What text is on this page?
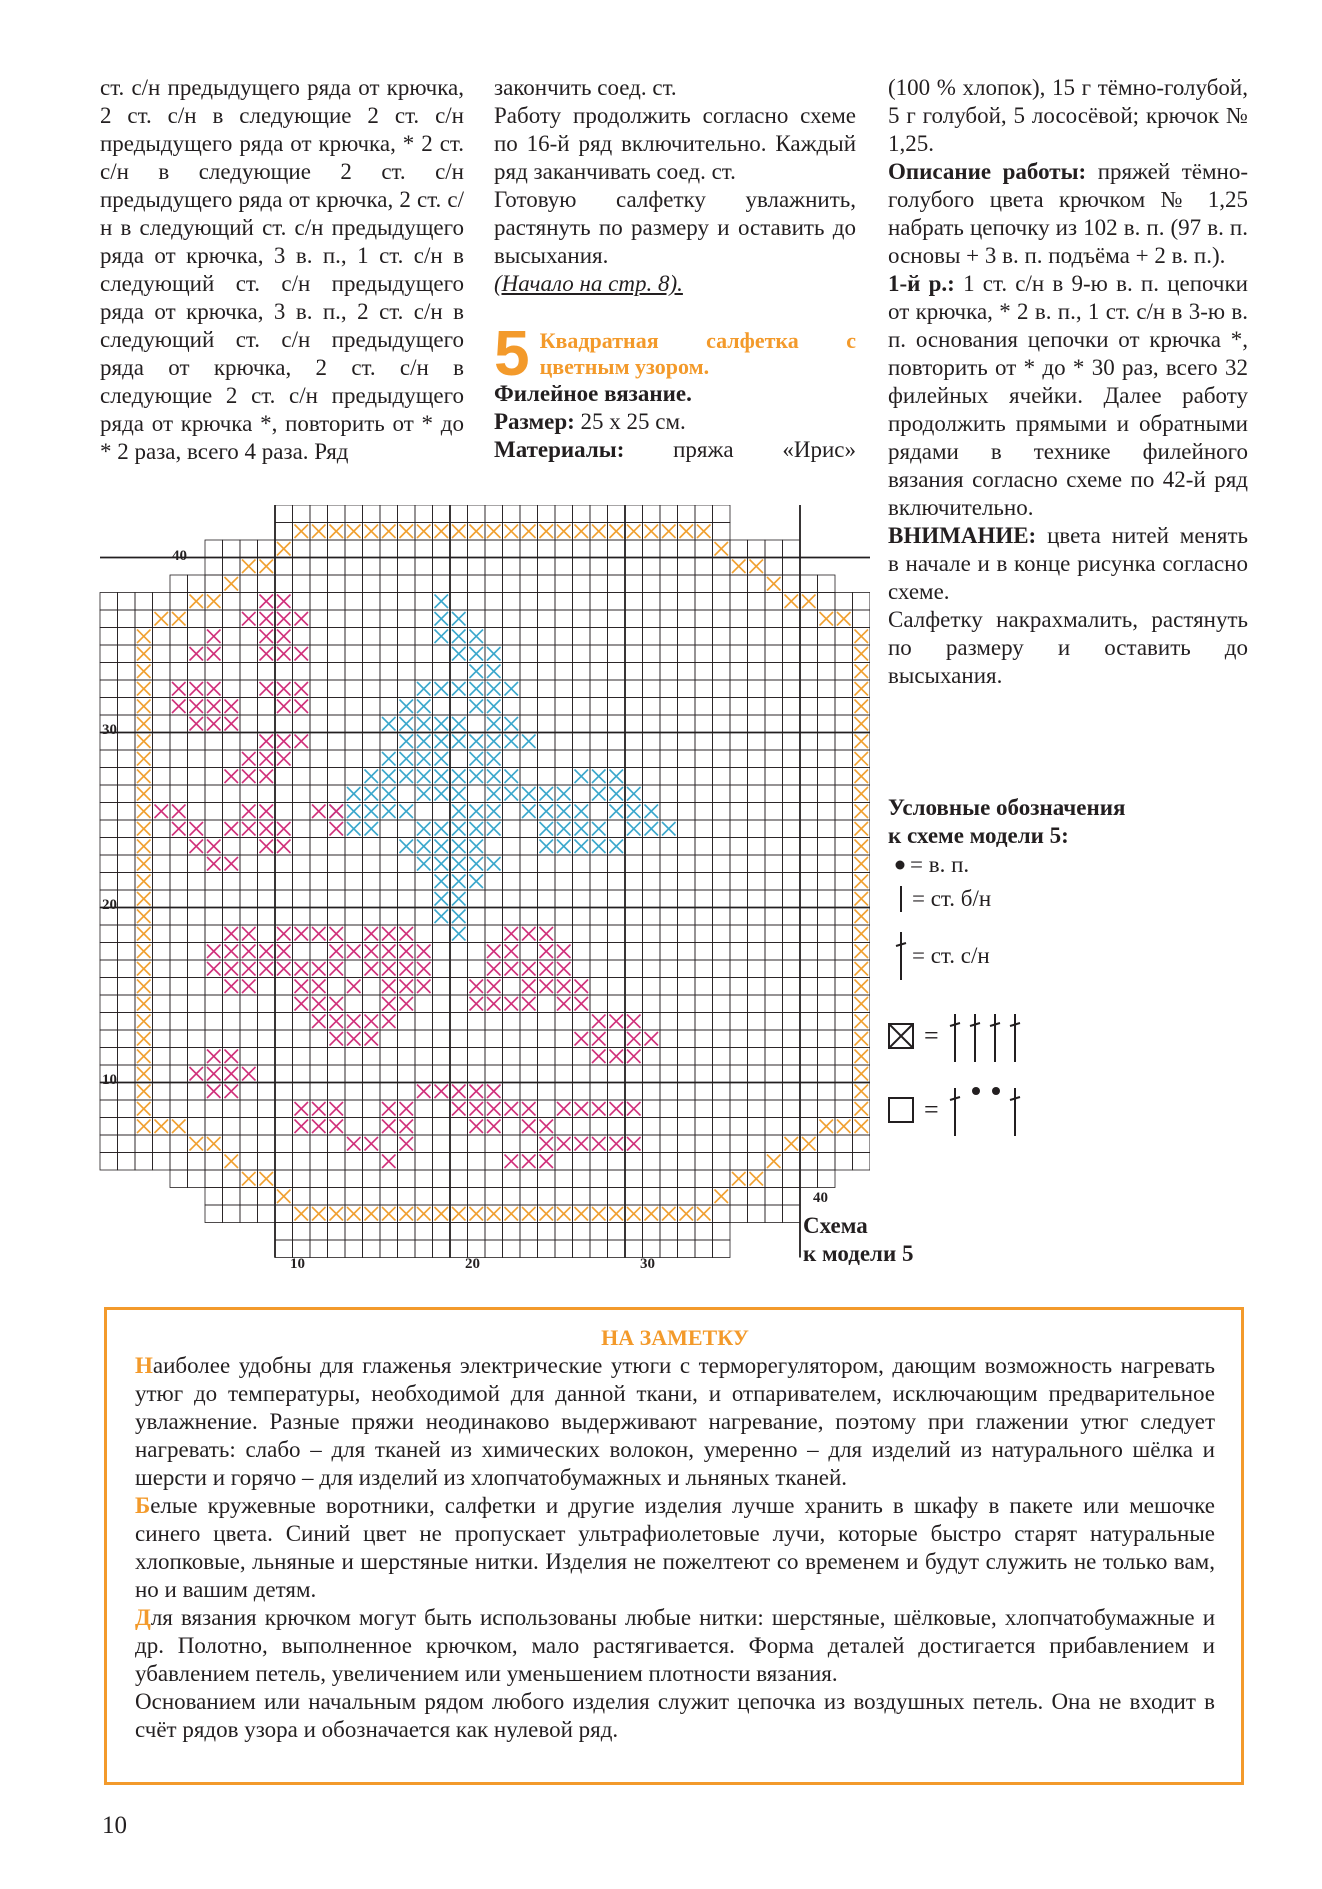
ст. с/н предыдущего ряда от крючка, 2 ст. с/н в следующие 2 ст. с/н предыдущего ряда от крючка, * 2 ст. с/н в следующие 2 ст. с/н предыдущего ряда от крючка, 2 ст. с/н в следующий ст. с/н предыдущего ряда от крючка, 3 в. п., 1 ст. с/н в следующий ст. с/н предыдущего ряда от крючка, 3 в. п., 2 ст. с/н в следующий ст. с/н предыдущего ряда от крючка, 2 ст. с/н в следующие 2 ст. с/н предыдущего ряда от крючка *, повторить от * до * 2 раза, всего 4 раза. Ряд

закончить соед. ст.

Работу продолжить согласно схеме по 16-й ряд включительно. Каждый ряд заканчивать соед. ст.

Готовую салфетку увлажнить, растянуть по размеру и оставить до высыхания.

(Начало на стр. 8).

5 Квадратная салфетка с цветным узором.

Филейное вязание.

Размер: 25 х 25 см.

Материалы: пряжа «Ирис»

(100 % хлопок), 15 г тёмно-голубой, 5 г голубой, 5 лососёвой; крючок № 1,25.

Описание работы: пряжей тёмно-голубого цвета крючком № 1,25 набрать цепочку из 102 в. п. (97 в. п. основы + 3 в. п. подъёма + 2 в. п.).

1-й р.: 1 ст. с/н в 9-ю в. п. цепочки от крючка, * 2 в. п., 1 ст. с/н в 3-ю в. п. основания цепочки от крючка *, повторить от * до * 30 раз, всего 32 филейных ячейки. Далее работу продолжить прямыми и обратными рядами в технике филейного вязания согласно схеме по 42-й ряд включительно.

ВНИМАНИЕ: цвета нитей менять в начале и в конце рисунка согласно схеме.

Салфетку накрахмалить, растянуть по размеру и оставить до высыхания.

Условные обозначения
к схеме модели 5:
= в. п.
= ст. б/н
= ст. с/н
=
=
40
30
20
10
10	20	30
40
Схема
к модели 5
НА ЗАМЕТКУ

Наиболее удобны для глаженья электрические утюги с терморегулятором, дающим возможность нагревать утюг до температуры, необходимой для данной ткани, и отпаривателем, исключающим предварительное увлажнение. Разные пряжи неодинаково выдерживают нагревание, поэтому при глажении утюг следует нагревать: слабо – для тканей из химических волокон, умеренно – для изделий из натурального шёлка и шерсти и горячо – для изделий из хлопчатобумажных и льняных тканей.

Белые кружевные воротники, салфетки и другие изделия лучше хранить в шкафу в пакете или мешочке синего цвета. Синий цвет не пропускает ультрафиолетовые лучи, которые быстро старят натуральные хлопковые, льняные и шерстяные нитки. Изделия не пожелтеют со временем и будут служить не только вам, но и вашим детям.

Для вязания крючком могут быть использованы любые нитки: шерстяные, шёлковые, хлопчатобумажные и др. Полотно, выполненное крючком, мало растягивается. Форма деталей достигается прибавлением и убавлением петель, увеличением или уменьшением плотности вязания.

Основанием или начальным рядом любого изделия служит цепочка из воздушных петель. Она не входит в счёт рядов узора и обозначается как нулевой ряд.

10
